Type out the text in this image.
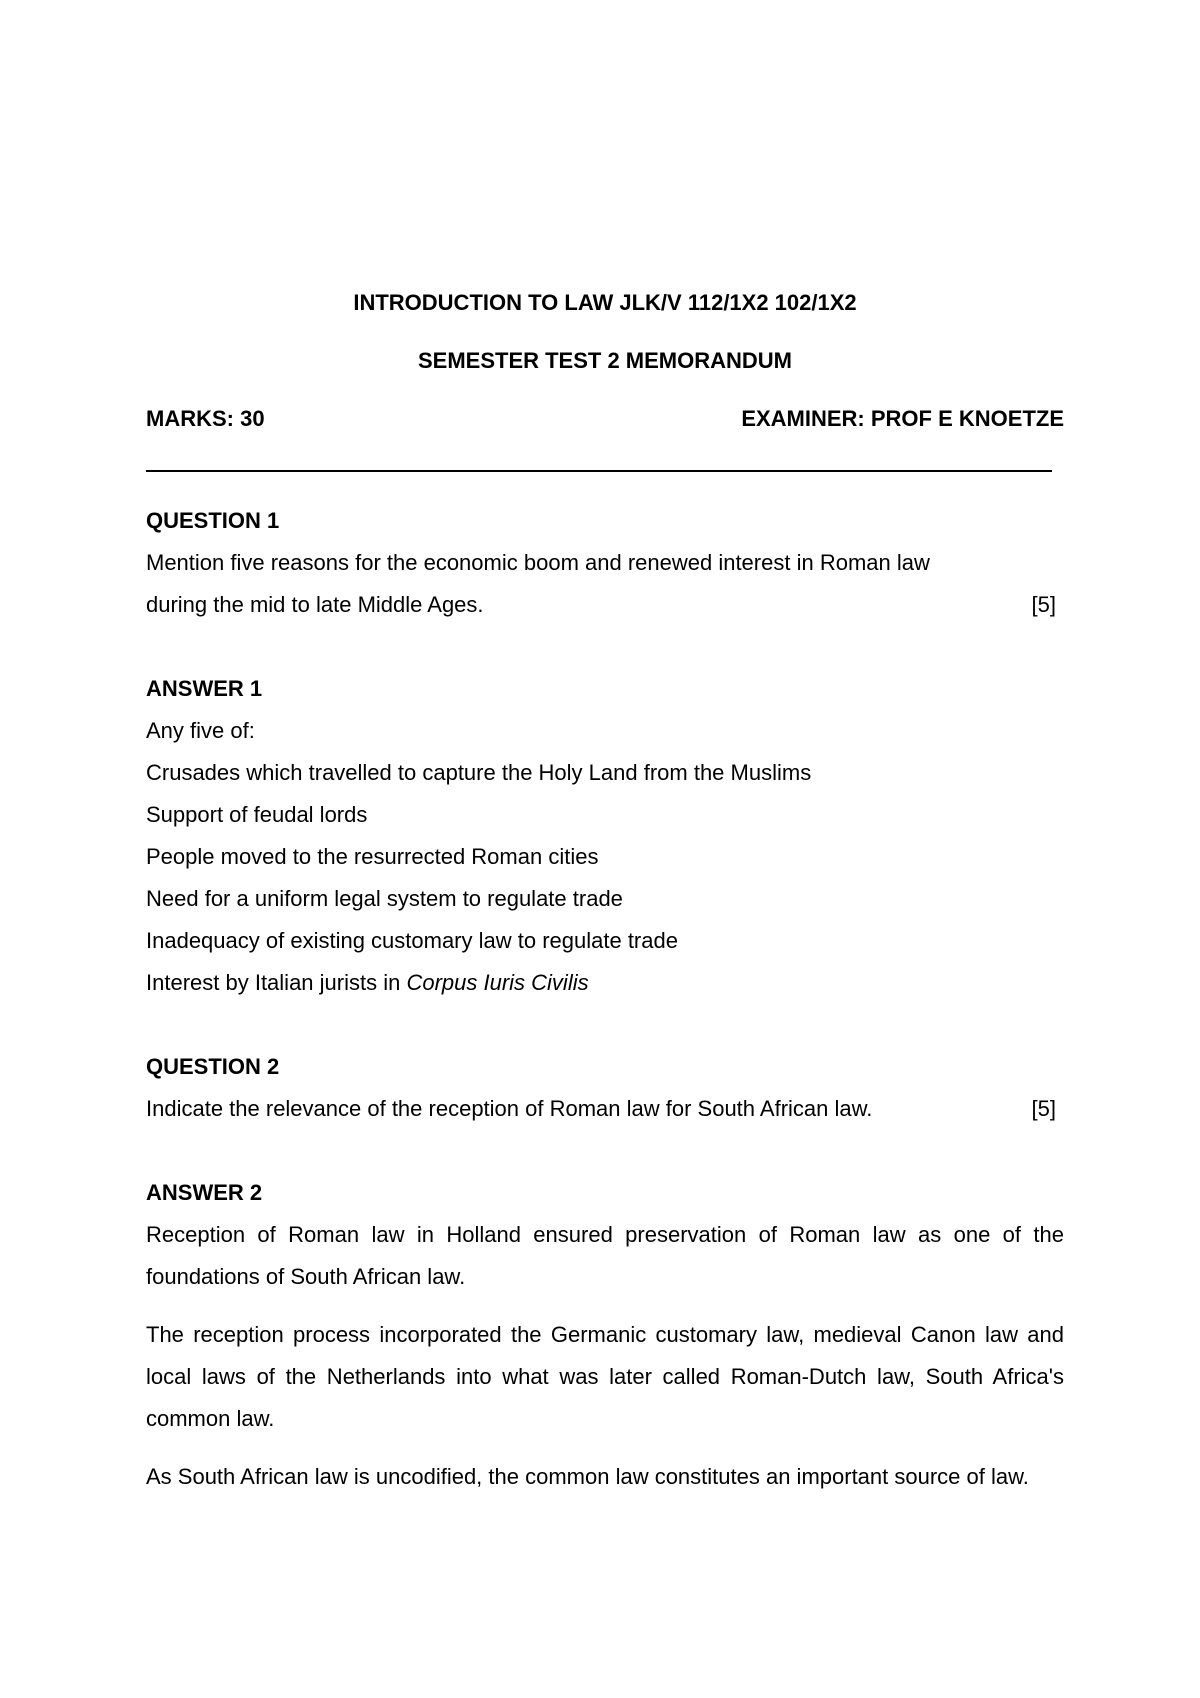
INTRODUCTION TO LAW JLK/V 112/1X2 102/1X2

SEMESTER TEST 2 MEMORANDUM

MARKS: 30	EXAMINER: PROF E KNOETZE

QUESTION 1

Mention five reasons for the economic boom and renewed interest in Roman law

during the mid to late Middle Ages.	[5]

ANSWER 1

Any five of:

Crusades which travelled to capture the Holy Land from the Muslims

Support of feudal lords

People moved to the resurrected Roman cities

Need for a uniform legal system to regulate trade

Inadequacy of existing customary law to regulate trade

Interest by Italian jurists in Corpus Iuris Civilis

QUESTION 2

Indicate the relevance of the reception of Roman law for South African law.	[5]

ANSWER 2

Reception of Roman law in Holland ensured preservation of Roman law as one of the foundations of South African law.

The reception process incorporated the Germanic customary law, medieval Canon law and local laws of the Netherlands into what was later called Roman-Dutch law, South Africa's common law.

As South African law is uncodified, the common law constitutes an important source of law.
